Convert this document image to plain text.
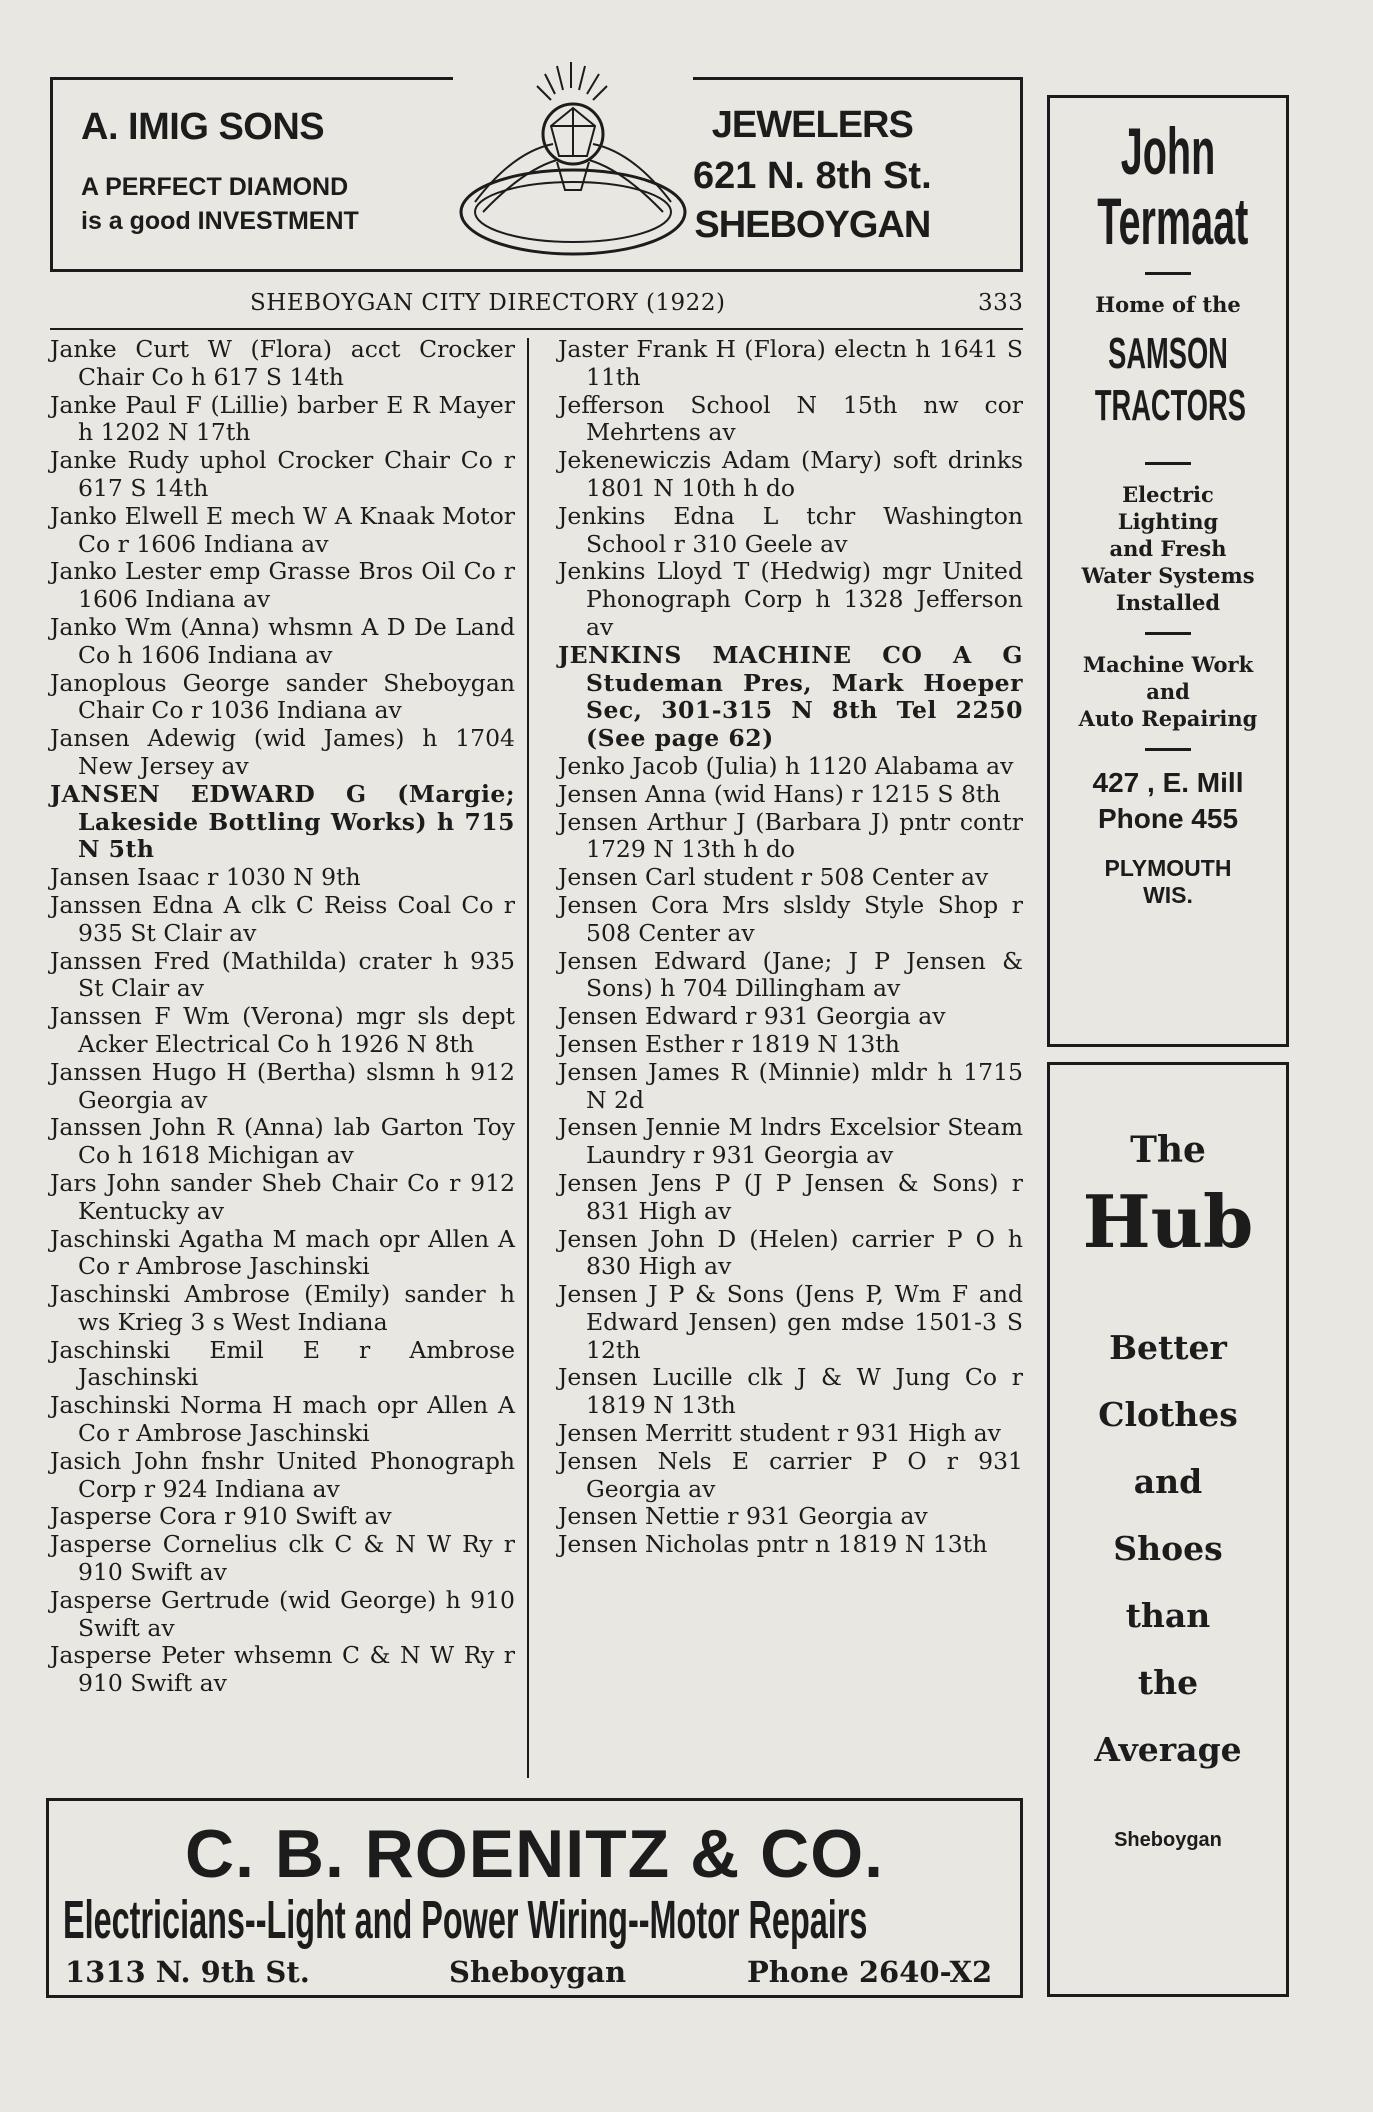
A. IMIG SONS
A PERFECT DIAMOND
is a good INVESTMENT
JEWELERS
621 N. 8th St.
SHEBOYGAN
SHEBOYGAN CITY DIRECTORY (1922)	333
Janke Curt W (Flora) acct Crocker Chair Co h 617 S 14th
Janke Paul F (Lillie) barber E R Mayer h 1202 N 17th
Janke Rudy uphol Crocker Chair Co r 617 S 14th
Janko Elwell E mech W A Knaak Motor Co r 1606 Indiana av
Janko Lester emp Grasse Bros Oil Co r 1606 Indiana av
Janko Wm (Anna) whsmn A D De Land Co h 1606 Indiana av
Janoplous George sander Sheboygan Chair Co r 1036 Indiana av
Jansen Adewig (wid James) h 1704 New Jersey av
JANSEN EDWARD G (Margie; Lakeside Bottling Works) h 715 N 5th
Jansen Isaac r 1030 N 9th
Janssen Edna A clk C Reiss Coal Co r 935 St Clair av
Janssen Fred (Mathilda) crater h 935 St Clair av
Janssen F Wm (Verona) mgr sls dept Acker Electrical Co h 1926 N 8th
Janssen Hugo H (Bertha) slsmn h 912 Georgia av
Janssen John R (Anna) lab Garton Toy Co h 1618 Michigan av
Jars John sander Sheb Chair Co r 912 Kentucky av
Jaschinski Agatha M mach opr Allen A Co r Ambrose Jaschinski
Jaschinski Ambrose (Emily) sander h ws Krieg 3 s West Indiana
Jaschinski Emil E r Ambrose Jaschinski
Jaschinski Norma H mach opr Allen A Co r Ambrose Jaschinski
Jasich John fnshr United Phonograph Corp r 924 Indiana av
Jasperse Cora r 910 Swift av
Jasperse Cornelius clk C & N W Ry r 910 Swift av
Jasperse Gertrude (wid George) h 910 Swift av
Jasperse Peter whsemn C & N W Ry r 910 Swift av
Jaster Frank H (Flora) electn h 1641 S 11th
Jefferson School N 15th nw cor Mehrtens av
Jekenewiczis Adam (Mary) soft drinks 1801 N 10th h do
Jenkins Edna L tchr Washington School r 310 Geele av
Jenkins Lloyd T (Hedwig) mgr United Phonograph Corp h 1328 Jefferson av
JENKINS MACHINE CO A G Studeman Pres, Mark Hoeper Sec, 301-315 N 8th Tel 2250 (See page 62)
Jenko Jacob (Julia) h 1120 Alabama av
Jensen Anna (wid Hans) r 1215 S 8th
Jensen Arthur J (Barbara J) pntr contr 1729 N 13th h do
Jensen Carl student r 508 Center av
Jensen Cora Mrs slsldy Style Shop r 508 Center av
Jensen Edward (Jane; J P Jensen & Sons) h 704 Dillingham av
Jensen Edward r 931 Georgia av
Jensen Esther r 1819 N 13th
Jensen James R (Minnie) mldr h 1715 N 2d
Jensen Jennie M lndrs Excelsior Steam Laundry r 931 Georgia av
Jensen Jens P (J P Jensen & Sons) r 831 High av
Jensen John D (Helen) carrier P O h 830 High av
Jensen J P & Sons (Jens P, Wm F and Edward Jensen) gen mdse 1501-3 S 12th
Jensen Lucille clk J & W Jung Co r 1819 N 13th
Jensen Merritt student r 931 High av
Jensen Nels E carrier P O r 931 Georgia av
Jensen Nettie r 931 Georgia av
Jensen Nicholas pntr n 1819 N 13th
John
Termaat
Home of the
SAMSON
TRACTORS
Electric
Lighting
and Fresh
Water Systems
Installed
Machine Work
and
Auto Repairing
427 , E. Mill
Phone 455
PLYMOUTH
WIS.
The
Hub
Better
Clothes
and
Shoes
than
the
Average
Sheboygan
C. B. ROENITZ & CO.
Electricians--Light and Power Wiring--Motor Repairs
1313 N. 9th St.	Sheboygan	Phone 2640-X2
